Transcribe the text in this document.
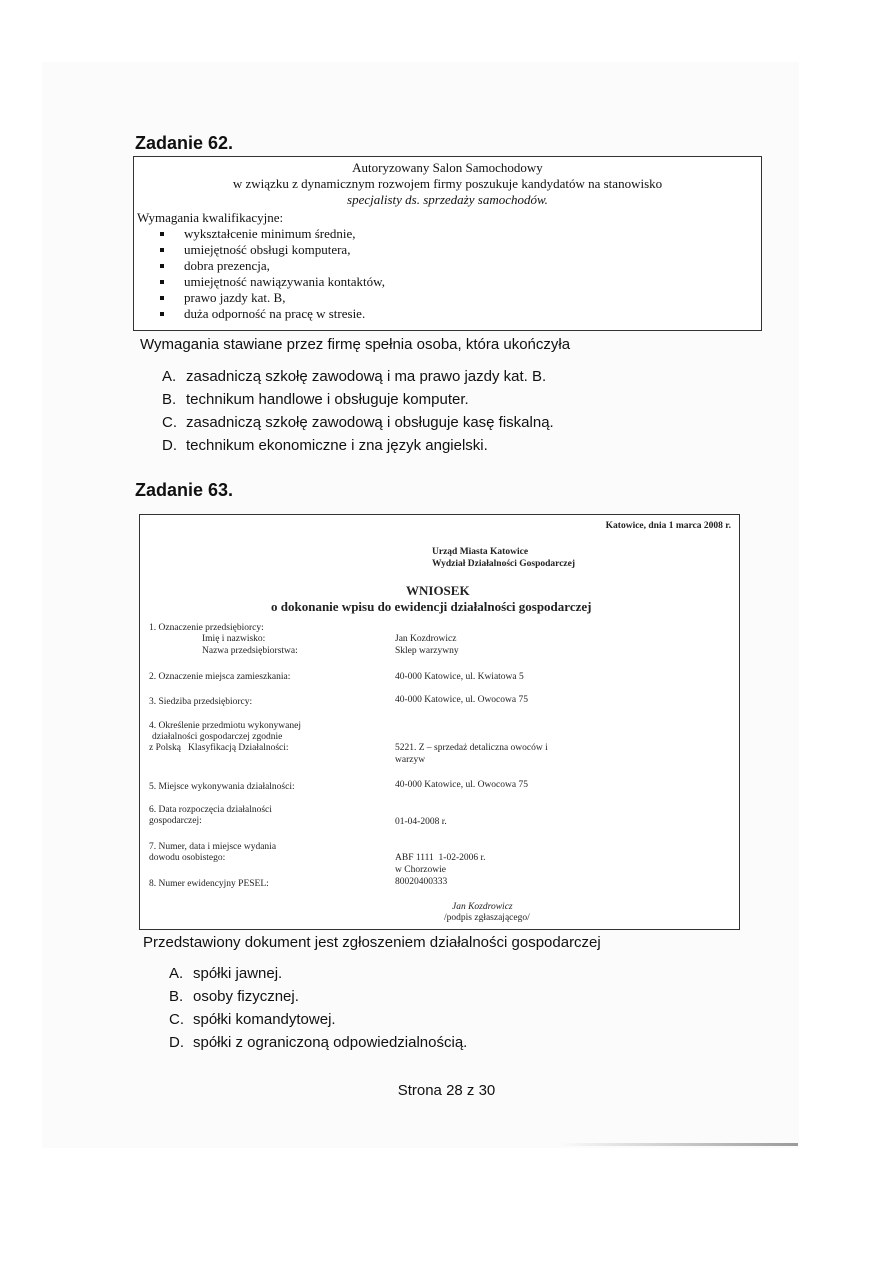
Zadanie 62.
Autoryzowany Salon Samochodowy
w związku z dynamicznym rozwojem firmy poszukuje kandydatów na stanowisko
specjalisty ds. sprzedaży samochodów.
Wymagania kwalifikacyjne:
wykształcenie minimum średnie,
umiejętność obsługi komputera,
dobra prezencja,
umiejętność nawiązywania kontaktów,
prawo jazdy kat. B,
duża odporność na pracę w stresie.
Wymagania stawiane przez firmę spełnia osoba, która ukończyła
A. zasadniczą szkołę zawodową i ma prawo jazdy kat. B.
B. technikum handlowe i obsługuje komputer.
C. zasadniczą szkołę zawodową i obsługuje kasę fiskalną.
D. technikum ekonomiczne i zna język angielski.
Zadanie 63.
Katowice, dnia 1 marca 2008 r.
Urząd Miasta Katowice
Wydział Działalności Gospodarczej
WNIOSEK
o dokonanie wpisu do ewidencji działalności gospodarczej
1. Oznaczenie przedsiębiorcy:
Imię i nazwisko:	Jan Kozdrowicz
Nazwa przedsiębiorstwa:	Sklep warzywny
2. Oznaczenie miejsca zamieszkania:	40-000 Katowice, ul. Kwiatowa 5
3. Siedziba przedsiębiorcy:	40-000 Katowice, ul. Owocowa 75
4. Określenie przedmiotu wykonywanej
działalności gospodarczej zgodnie
z Polską   Klasyfikacją Działalności:	5221. Z – sprzedaż detaliczna owoców i
warzyw
5. Miejsce wykonywania działalności:	40-000 Katowice, ul. Owocowa 75
6. Data rozpoczęcia działalności
gospodarczej:	01-04-2008 r.
7. Numer, data i miejsce wydania
dowodu osobistego:	ABF 1111  1-02-2006 r.
w Chorzowie
8. Numer ewidencyjny PESEL:	80020400333
Jan Kozdrowicz
/podpis zgłaszającego/
Przedstawiony dokument jest zgłoszeniem działalności gospodarczej
A. spółki jawnej.
B. osoby fizycznej.
C. spółki komandytowej.
D. spółki z ograniczoną odpowiedzialnością.
Strona 28 z 30
